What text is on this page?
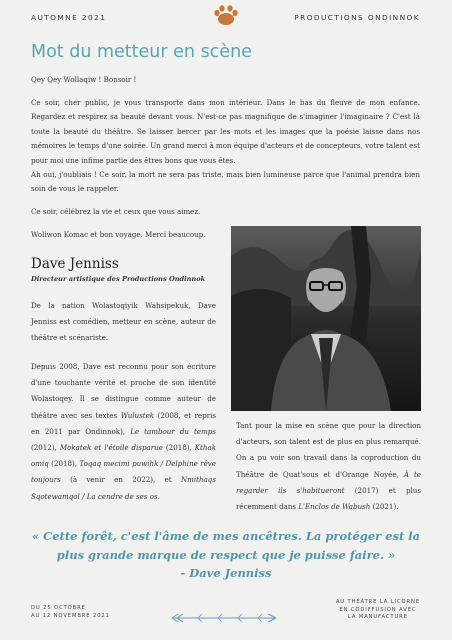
AUTOMNE 2021	PRODUCTIONS ONDINNOK
Mot du metteur en scène

Qey Qey Wollaqiw ! Bonsoir !

Ce soir, cher public, je vous transporte dans mon intérieur. Dans le bas du fleuve de mon enfance. Regardez et respirez sa beauté devant vous. N'est-ce pas magnifique de s'imaginer l'imaginaire ? C'est là toute la beauté du théâtre. Se laisser bercer par les mots et les images que la poésie laisse dans nos mémoires le temps d'une soirée. Un grand merci à mon équipe d'acteurs et de concepteurs, votre talent est pour moi une infime partie des êtres bons que vous êtes.

Ah oui, j'oubliais ! Ce soir, la mort ne sera pas triste, mais bien lumineuse parce que l'animal prendra bien soin de vous le rappeler.

Ce soir, célébrez la vie et ceux que vous aimez.

Woliwon Komac et bon voyage. Merci beaucoup.

Dave Jenniss
Directeur artistique des Productions Ondinnok

De la nation Wolastoqiyik Wahsipekuk, Dave Jenniss est comédien, metteur en scène, auteur de théâtre et scénariste.

Depuis 2008, Dave est reconnu pour son écriture d'une touchante vérité et proche de son identité Wolastoqey. Il se distingue comme auteur de théâtre avec ses textes Wulustek (2008, et repris en 2011 par Ondinnok), Le tambour du temps (2012), Mokatek et l'étoile disparue (2018), Kthak omiq (2018), Toqaq mecimi puwihk / Delphine rêve toujours (à venir en 2022), et Nmithaqs Sqotewamqol / La cendre de ses os.

Tant pour la mise en scène que pour la direction d'acteurs, son talent est de plus en plus remarqué. On a pu voir son travail dans la coproduction du Théâtre de Quat'sous et d'Orange Noyée, À te regarder ils s'habitueront (2017) et plus récemment dans L'Enclos de Wabush (2021).

« Cette forêt, c'est l'âme de mes ancêtres. La protéger est la plus grande marque de respect que je puisse faire. »

- Dave Jenniss
DU 25 OCTOBRE
AU 12 NOVEMBRE 2021
AU THÉÂTRE LA LICORNE
EN CODIFFUSION AVEC
LA MANUFACTURE
